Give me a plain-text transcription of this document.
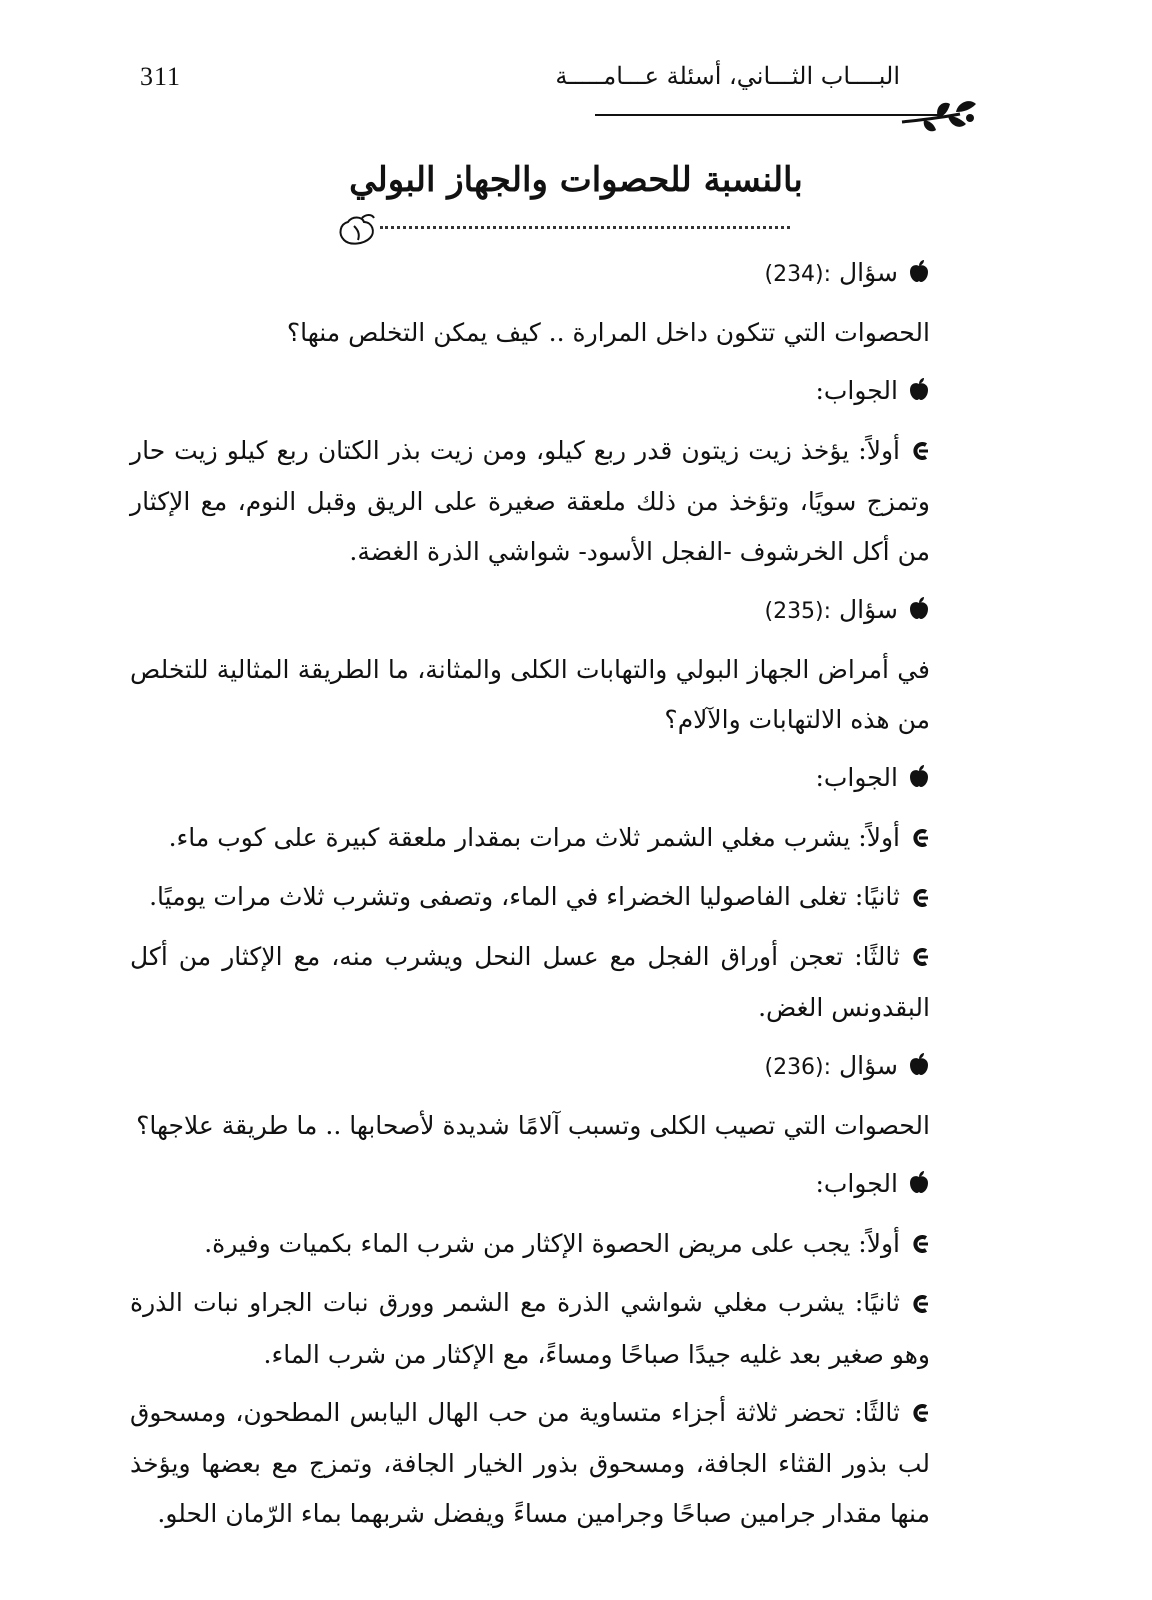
311	البــــاب الثـــاني، أسئلة عـــامـــــة
بالنسبة للحصوات والجهاز البولي

سؤال (234):

الحصوات التي تتكون داخل المرارة .. كيف يمكن التخلص منها؟

الجواب:

أولاً: يؤخذ زيت زيتون قدر ربع كيلو، ومن زيت بذر الكتان ربع كيلو زيت حار وتمزج سويًا، وتؤخذ من ذلك ملعقة صغيرة على الريق وقبل النوم، مع الإكثار من أكل الخرشوف -الفجل الأسود- شواشي الذرة الغضة.

سؤال (235):

في أمراض الجهاز البولي والتهابات الكلى والمثانة، ما الطريقة المثالية للتخلص من هذه الالتهابات والآلام؟

الجواب:

أولاً: يشرب مغلي الشمر ثلاث مرات بمقدار ملعقة كبيرة على كوب ماء.

ثانيًا: تغلى الفاصوليا الخضراء في الماء، وتصفى وتشرب ثلاث مرات يوميًا.

ثالثًا: تعجن أوراق الفجل مع عسل النحل ويشرب منه، مع الإكثار من أكل البقدونس الغض.

سؤال (236):

الحصوات التي تصيب الكلى وتسبب آلامًا شديدة لأصحابها .. ما طريقة علاجها؟

الجواب:

أولاً: يجب على مريض الحصوة الإكثار من شرب الماء بكميات وفيرة.

ثانيًا: يشرب مغلي شواشي الذرة مع الشمر وورق نبات الجراو نبات الذرة وهو صغير بعد غليه جيدًا صباحًا ومساءً، مع الإكثار من شرب الماء.

ثالثًا: تحضر ثلاثة أجزاء متساوية من حب الهال اليابس المطحون، ومسحوق لب بذور القثاء الجافة، ومسحوق بذور الخيار الجافة، وتمزج مع بعضها ويؤخذ منها مقدار جرامين صباحًا وجرامين مساءً ويفضل شربهما بماء الرّمان الحلو.
